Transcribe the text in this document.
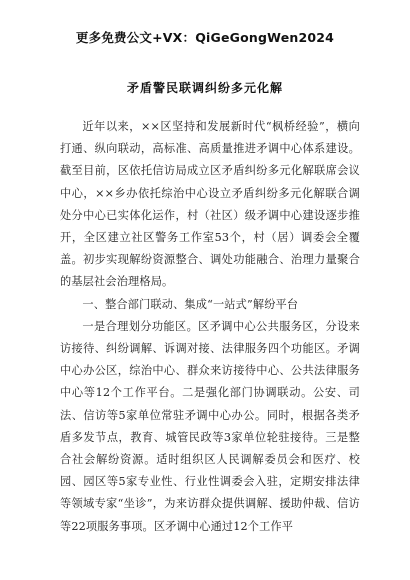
更多免费公文+VX：QiGeGongWen2024
矛盾警民联调纠纷多元化解

近年以来，××区坚持和发展新时代“枫桥经验”，横向打通、纵向联动，高标准、高质量推进矛调中心体系建设。截至目前，区依托信访局成立区矛盾纠纷多元化解联席会议中心，××乡办依托综治中心设立矛盾纠纷多元化解联合调处分中心已实体化运作，村（社区）级矛调中心建设逐步推开，全区建立社区警务工作室53个，村（居）调委会全覆盖。初步实现解纷资源整合、调处功能融合、治理力量聚合的基层社会治理格局。

一、整合部门联动、集成“一站式”解纷平台

一是合理划分功能区。区矛调中心公共服务区，分设来访接待、纠纷调解、诉调对接、法律服务四个功能区。矛调中心办公区，综治中心、群众来访接待中心、公共法律服务中心等12个工作平台。二是强化部门协调联动。公安、司法、信访等5家单位常驻矛调中心办公。同时，根据各类矛盾多发节点，教育、城管民政等3家单位轮驻接待。三是整合社会解纷资源。适时组织区人民调解委员会和医疗、校园、园区等5家专业性、行业性调委会入驻，定期安排法律等领域专家“坐诊”，为来访群众提供调解、援助仲裁、信访等22项服务事项。区矛调中心通过12个工作平
